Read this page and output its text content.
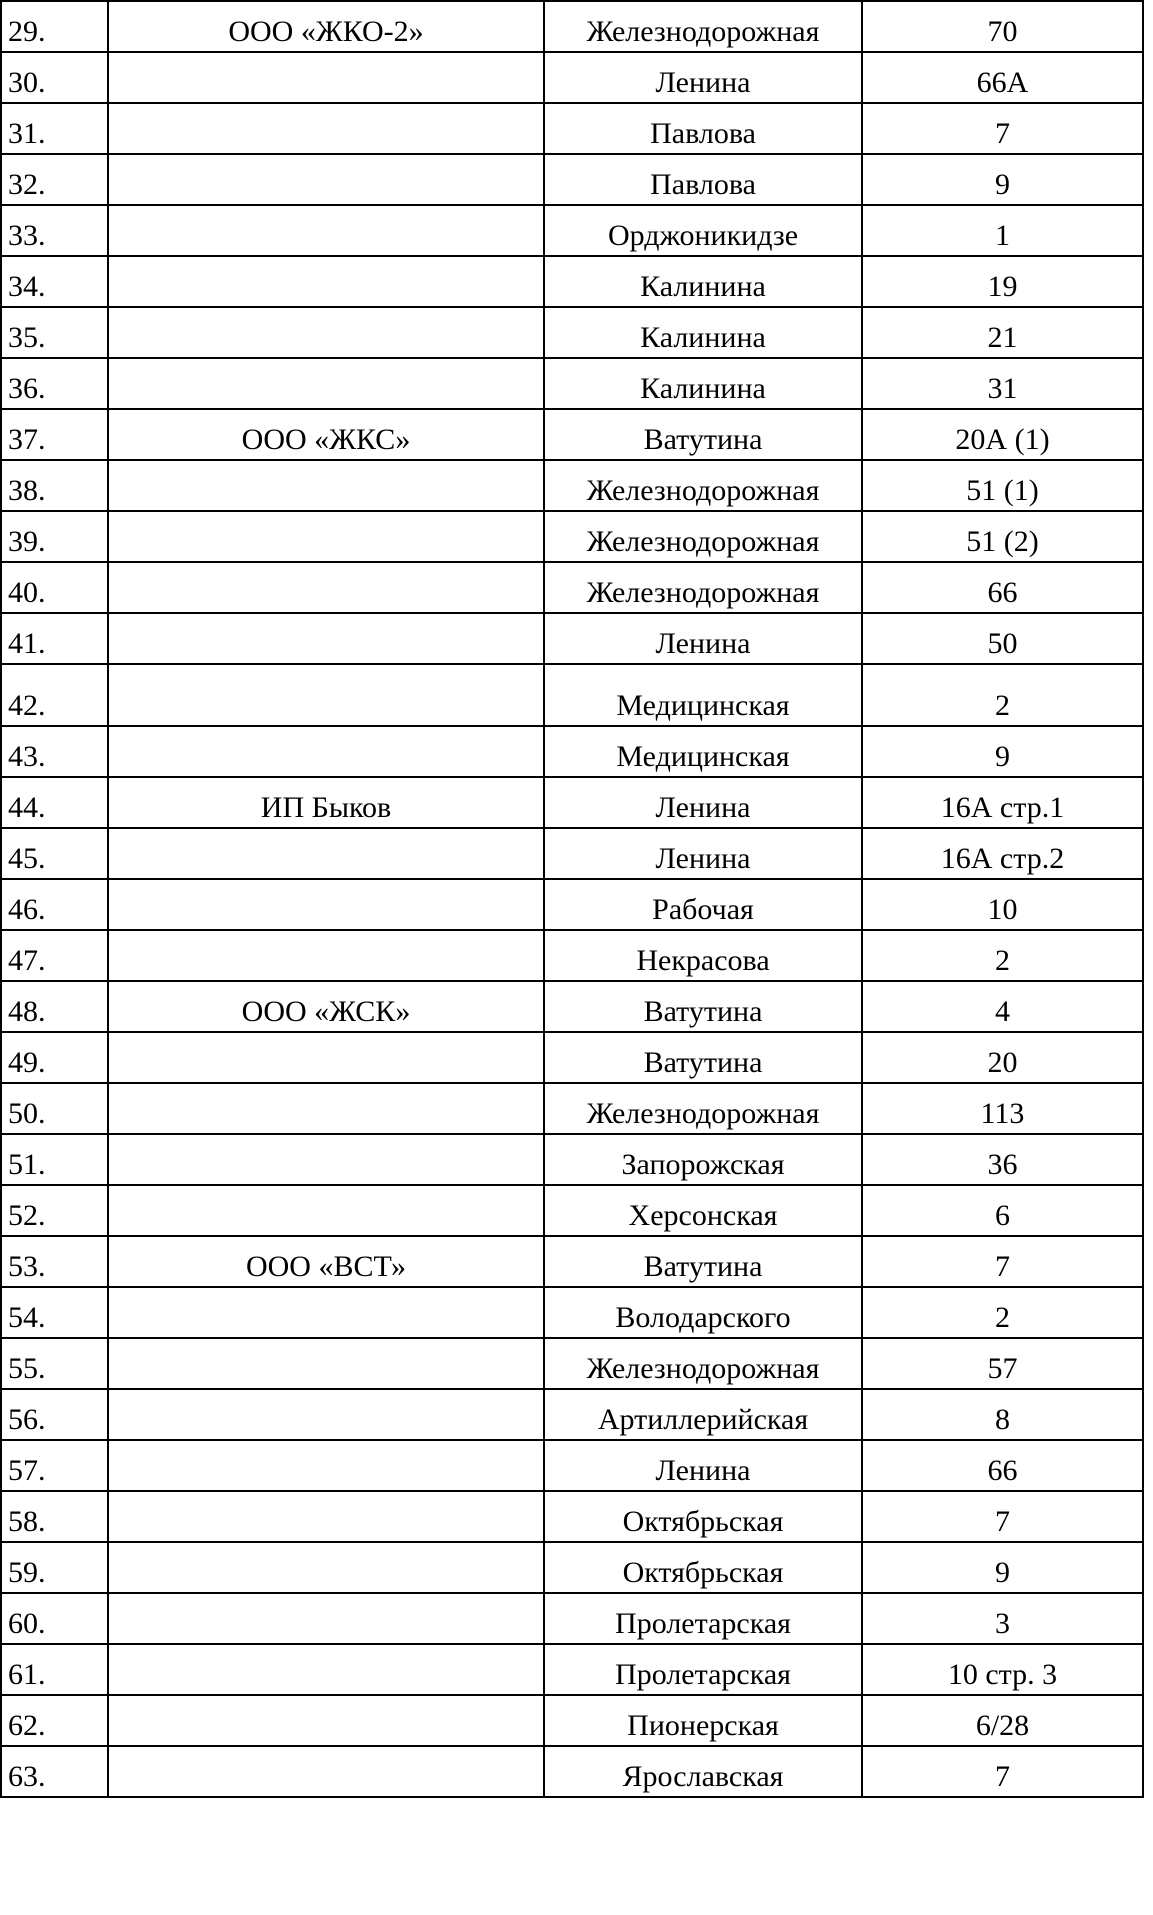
29.	ООО «ЖКО-2»	Железнодорожная	70
30.		Ленина	66А
31.		Павлова	7
32.		Павлова	9
33.		Орджоникидзе	1
34.		Калинина	19
35.		Калинина	21
36.		Калинина	31
37.	ООО «ЖКС»	Ватутина	20А (1)
38.		Железнодорожная	51 (1)
39.		Железнодорожная	51 (2)
40.		Железнодорожная	66
41.		Ленина	50
42.		Медицинская	2
43.		Медицинская	9
44.	ИП Быков	Ленина	16А стр.1
45.		Ленина	16А стр.2
46.		Рабочая	10
47.		Некрасова	2
48.	ООО «ЖСК»	Ватутина	4
49.		Ватутина	20
50.		Железнодорожная	113
51.		Запорожская	36
52.		Херсонская	6
53.	ООО «ВСТ»	Ватутина	7
54.		Володарского	2
55.		Железнодорожная	57
56.		Артиллерийская	8
57.		Ленина	66
58.		Октябрьская	7
59.		Октябрьская	9
60.		Пролетарская	3
61.		Пролетарская	10 стр. 3
62.		Пионерская	6/28
63.		Ярославская	7
